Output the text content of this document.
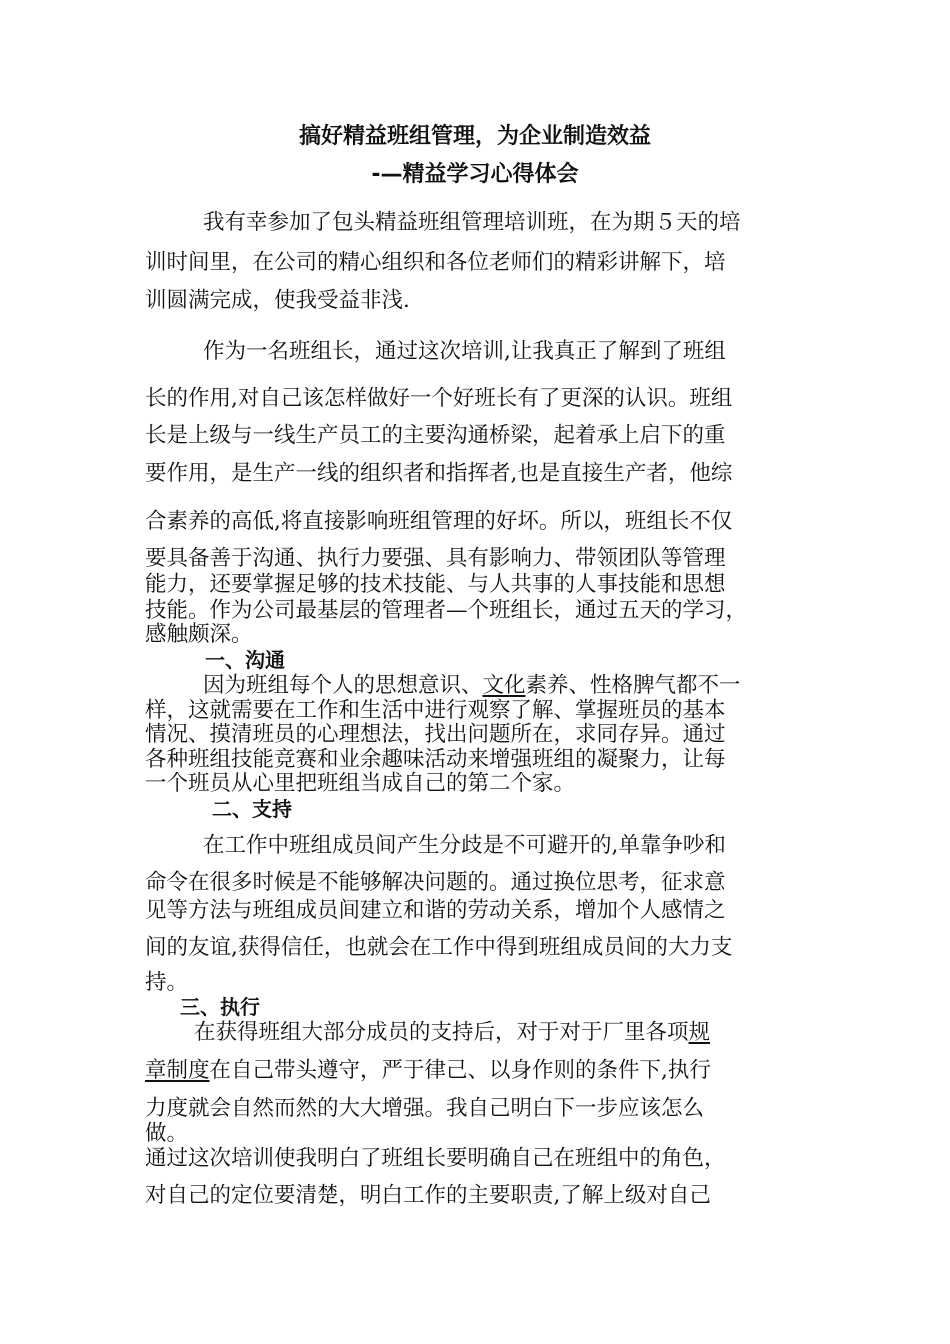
搞好精益班组管理，为企业制造效益
-—精益学习心得体会
我有幸参加了包头精益班组管理培训班，在为期５天的培
训时间里，在公司的精心组织和各位老师们的精彩讲解下，培
训圆满完成，使我受益非浅.
作为一名班组长，通过这次培训,让我真正了解到了班组
长的作用,对自己该怎样做好一个好班长有了更深的认识。班组
长是上级与一线生产员工的主要沟通桥梁，起着承上启下的重
要作用，是生产一线的组织者和指挥者,也是直接生产者，他综
合素养的高低,将直接影响班组管理的好坏。所以，班组长不仅
要具备善于沟通、执行力要强、具有影响力、带领团队等管理
能力，还要掌握足够的技术技能、与人共事的人事技能和思想
技能。作为公司最基层的管理者—个班组长，通过五天的学习，
感触颇深。
一、沟通
因为班组每个人的思想意识、文化素养、性格脾气都不一
样，这就需要在工作和生活中进行观察了解、掌握班员的基本
情况、摸清班员的心理想法，找出问题所在，求同存异。通过
各种班组技能竞赛和业余趣味活动来增强班组的凝聚力，让每
一个班员从心里把班组当成自己的第二个家。
二、支持
在工作中班组成员间产生分歧是不可避开的,单靠争吵和
命令在很多时候是不能够解决问题的。通过换位思考，征求意
见等方法与班组成员间建立和谐的劳动关系，增加个人感情之
间的友谊,获得信任，也就会在工作中得到班组成员间的大力支
持。
三、执行
在获得班组大部分成员的支持后，对于对于厂里各项规
章制度在自己带头遵守，严于律己、以身作则的条件下,执行
力度就会自然而然的大大增强。我自己明白下一步应该怎么
做。
通过这次培训使我明白了班组长要明确自己在班组中的角色，
对自己的定位要清楚，明白工作的主要职责,了解上级对自己
